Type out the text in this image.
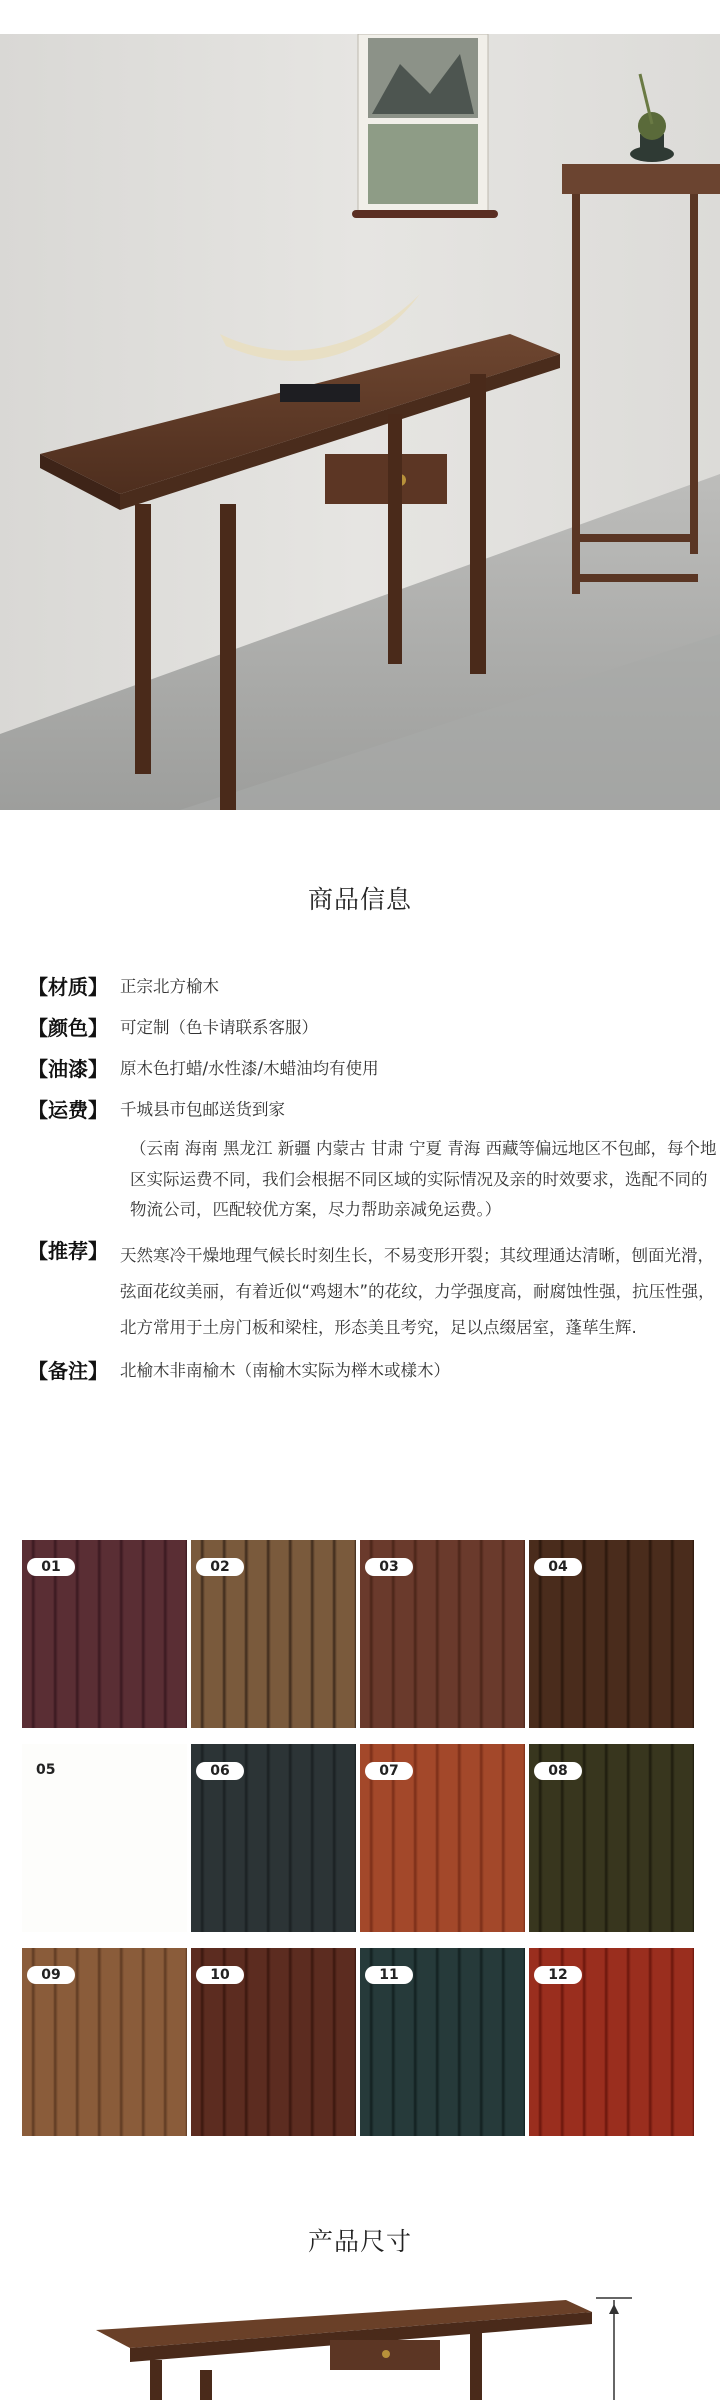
商品信息
【材质】 正宗北方榆木
【颜色】 可定制（色卡请联系客服）
【油漆】 原木色打蜡/水性漆/木蜡油均有使用
【运费】 千城县市包邮送货到家
（云南 海南 黑龙江 新疆 内蒙古 甘肃 宁夏 青海 西藏等偏远地区不包邮，每个地区实际运费不同，我们会根据不同区域的实际情况及亲的时效要求，选配不同的物流公司，匹配较优方案，尽力帮助亲减免运费。）
【推荐】 天然寒冷干燥地理气候长时刻生长，不易变形开裂；其纹理通达清晰，刨面光滑，弦面花纹美丽，有着近似“鸡翅木”的花纹，力学强度高，耐腐蚀性强，抗压性强，北方常用于土房门板和梁柱，形态美且考究，足以点缀居室，蓬荜生辉.
【备注】 北榆木非南榆木（南榆木实际为榉木或樣木）
01	02	03	04
05	06	07	08
09	10	11	12
产品尺寸
